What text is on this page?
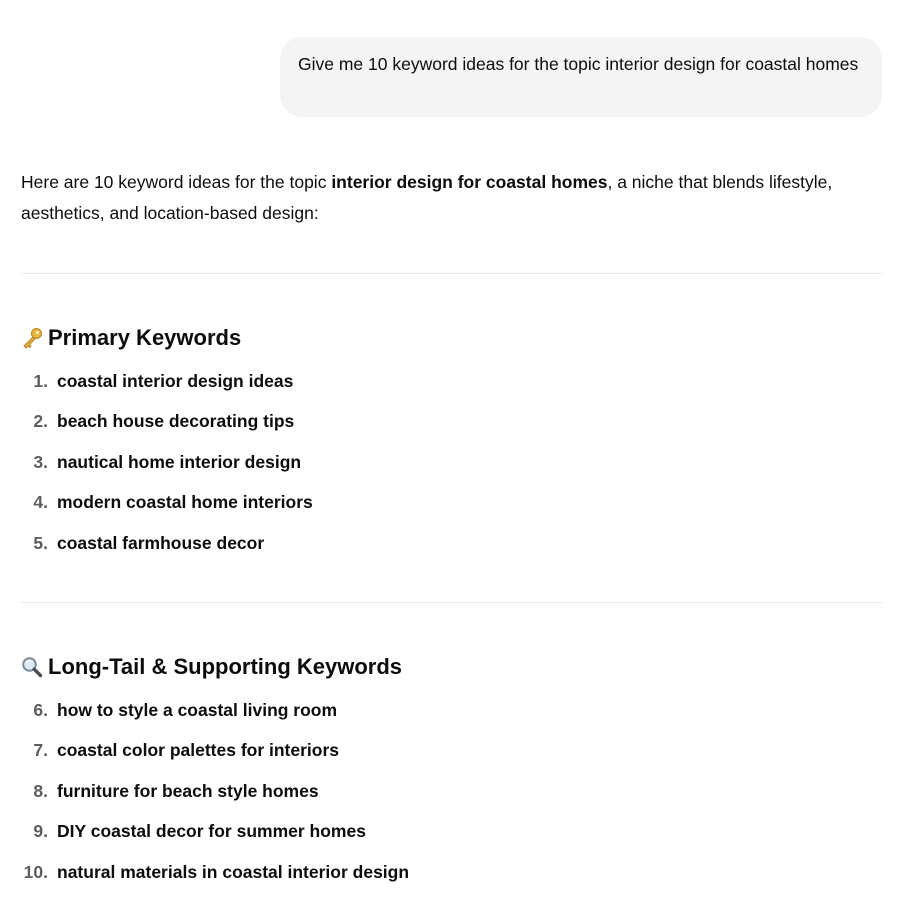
Give me 10 keyword ideas for the topic interior design for coastal homes

Here are 10 keyword ideas for the topic interior design for coastal homes, a niche that blends lifestyle, aesthetics, and location-based design:

Primary Keywords
1. coastal interior design ideas
2. beach house decorating tips
3. nautical home interior design
4. modern coastal home interiors
5. coastal farmhouse decor
Long-Tail & Supporting Keywords
6. how to style a coastal living room
7. coastal color palettes for interiors
8. furniture for beach style homes
9. DIY coastal decor for summer homes
10. natural materials in coastal interior design
